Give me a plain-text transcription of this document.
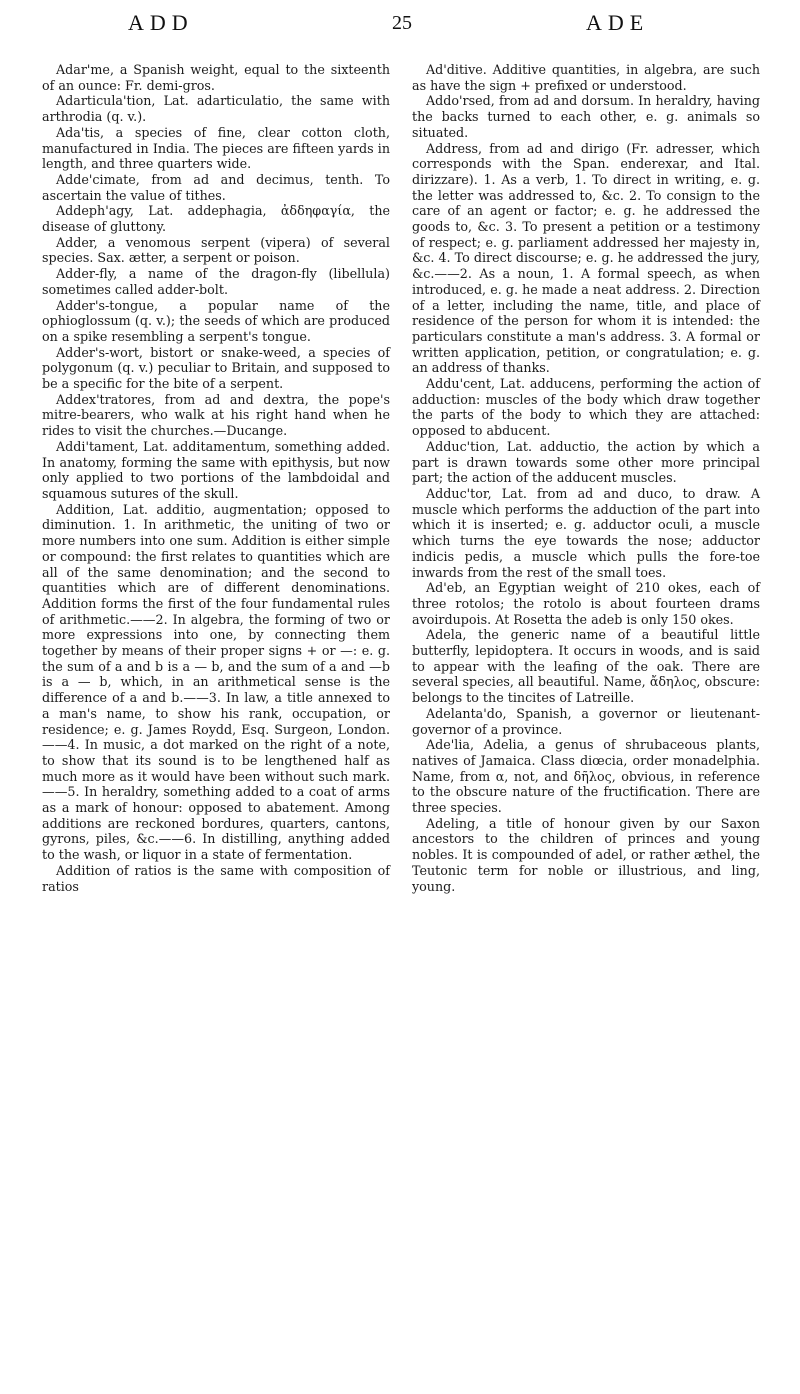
ADD	25	ADE

Adar'me, a Spanish weight, equal to the sixteenth of an ounce: Fr. demi-gros.

Adarticula'tion, Lat. adarticulatio, the same with arthrodia (q. v.).

Ada'tis, a species of fine, clear cotton cloth, manufactured in India. The pieces are fifteen yards in length, and three quarters wide.

Adde'cimate, from ad and decimus, tenth. To ascertain the value of tithes.

Addeph'agy, Lat. addephagia, ἀδδηφαγία, the disease of gluttony.

Adder, a venomous serpent (vipera) of several species. Sax. ætter, a serpent or poison.

Adder-fly, a name of the dragon-fly (libellula) sometimes called adder-bolt.

Adder's-tongue, a popular name of the ophioglossum (q. v.); the seeds of which are produced on a spike resembling a serpent's tongue.

Adder's-wort, bistort or snake-weed, a species of polygonum (q. v.) peculiar to Britain, and supposed to be a specific for the bite of a serpent.

Addex'tratores, from ad and dextra, the pope's mitre-bearers, who walk at his right hand when he rides to visit the churches.—Ducange.

Addi'tament, Lat. additamentum, something added. In anatomy, forming the same with epithysis, but now only applied to two portions of the lambdoidal and squamous sutures of the skull.

Addition, Lat. additio, augmentation; opposed to diminution. 1. In arithmetic, the uniting of two or more numbers into one sum. Addition is either simple or compound: the first relates to quantities which are all of the same denomination; and the second to quantities which are of different denominations. Addition forms the first of the four fundamental rules of arithmetic.——2. In algebra, the forming of two or more expressions into one, by connecting them together by means of their proper signs + or —: e. g. the sum of a and b is a — b, and the sum of a and —b is a — b, which, in an arithmetical sense is the difference of a and b.——3. In law, a title annexed to a man's name, to show his rank, occupation, or residence; e. g. James Roydd, Esq. Surgeon, London.——4. In music, a dot marked on the right of a note, to show that its sound is to be lengthened half as much more as it would have been without such mark.——5. In heraldry, something added to a coat of arms as a mark of honour: opposed to abatement. Among additions are reckoned bordures, quarters, cantons, gyrons, piles, &c.——6. In distilling, anything added to the wash, or liquor in a state of fermentation.

Addition of ratios is the same with composition of ratios

Ad'ditive. Additive quantities, in algebra, are such as have the sign + prefixed or understood.

Addo'rsed, from ad and dorsum. In heraldry, having the backs turned to each other, e. g. animals so situated.

Address, from ad and dirigo (Fr. adresser, which corresponds with the Span. enderexar, and Ital. dirizzare). 1. As a verb, 1. To direct in writing, e. g. the letter was addressed to, &c. 2. To consign to the care of an agent or factor; e. g. he addressed the goods to, &c. 3. To present a petition or a testimony of respect; e. g. parliament addressed her majesty in, &c. 4. To direct discourse; e. g. he addressed the jury, &c.——2. As a noun, 1. A formal speech, as when introduced, e. g. he made a neat address. 2. Direction of a letter, including the name, title, and place of residence of the person for whom it is intended: the particulars constitute a man's address. 3. A formal or written application, petition, or congratulation; e. g. an address of thanks.

Addu'cent, Lat. adducens, performing the action of adduction: muscles of the body which draw together the parts of the body to which they are attached: opposed to abducent.

Adduc'tion, Lat. adductio, the action by which a part is drawn towards some other more principal part; the action of the adducent muscles.

Adduc'tor, Lat. from ad and duco, to draw. A muscle which performs the adduction of the part into which it is inserted; e. g. adductor oculi, a muscle which turns the eye towards the nose; adductor indicis pedis, a muscle which pulls the fore-toe inwards from the rest of the small toes.

Ad'eb, an Egyptian weight of 210 okes, each of three rotolos; the rotolo is about fourteen drams avoirdupois. At Rosetta the adeb is only 150 okes.

Adela, the generic name of a beautiful little butterfly, lepidoptera. It occurs in woods, and is said to appear with the leafing of the oak. There are several species, all beautiful. Name, ἄδηλος, obscure: belongs to the tincites of Latreille.

Adelanta'do, Spanish, a governor or lieutenant-governor of a province.

Ade'lia, Adelia, a genus of shrubaceous plants, natives of Jamaica. Class diœcia, order monadelphia. Name, from α, not, and δῆλος, obvious, in reference to the obscure nature of the fructification. There are three species.

Adeling, a title of honour given by our Saxon ancestors to the children of princes and young nobles. It is compounded of adel, or rather æthel, the Teutonic term for noble or illustrious, and ling, young.
